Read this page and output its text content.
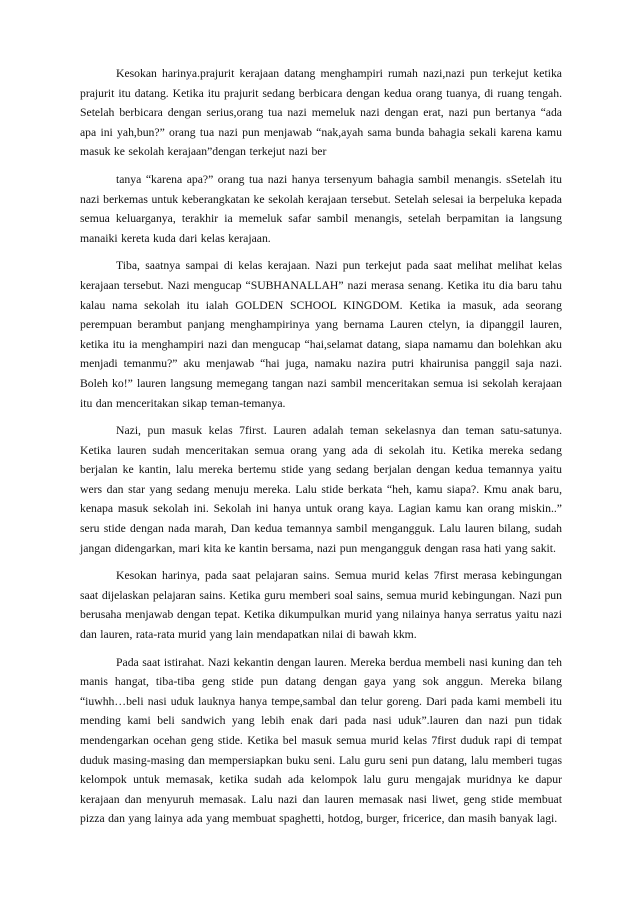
Kesokan harinya.prajurit kerajaan datang menghampiri rumah nazi,nazi pun terkejut ketika prajurit itu datang. Ketika itu prajurit sedang berbicara dengan kedua orang tuanya, di ruang tengah. Setelah berbicara dengan serius,orang tua nazi memeluk nazi dengan erat, nazi pun bertanya “ada apa ini yah,bun?” orang tua nazi pun menjawab “nak,ayah sama bunda bahagia sekali karena kamu masuk ke sekolah kerajaan”dengan terkejut nazi ber

tanya “karena apa?” orang tua nazi hanya tersenyum bahagia sambil menangis. sSetelah itu nazi berkemas untuk keberangkatan ke sekolah kerajaan tersebut. Setelah selesai ia berpeluka kepada semua keluarganya, terakhir ia memeluk safar sambil menangis, setelah berpamitan ia langsung manaiki kereta kuda dari kelas kerajaan.

Tiba, saatnya sampai di kelas kerajaan. Nazi pun terkejut pada saat melihat melihat kelas kerajaan tersebut. Nazi mengucap “SUBHANALLAH” nazi merasa senang. Ketika itu dia baru tahu kalau nama sekolah itu ialah GOLDEN SCHOOL KINGDOM. Ketika ia masuk, ada seorang perempuan berambut panjang menghampirinya yang bernama Lauren ctelyn, ia dipanggil lauren, ketika itu ia menghampiri nazi dan mengucap “hai,selamat datang, siapa namamu dan bolehkan aku menjadi temanmu?” aku menjawab “hai juga, namaku nazira putri khairunisa panggil saja nazi. Boleh ko!” lauren langsung memegang tangan nazi sambil menceritakan semua isi sekolah kerajaan itu dan menceritakan sikap teman-temanya.

Nazi, pun masuk kelas 7first. Lauren adalah teman sekelasnya dan teman satu-satunya. Ketika lauren sudah menceritakan semua orang yang ada di sekolah itu. Ketika mereka sedang berjalan ke kantin, lalu mereka bertemu stide yang sedang berjalan dengan kedua temannya yaitu wers dan star yang sedang menuju mereka. Lalu stide berkata “heh, kamu siapa?. Kmu anak baru, kenapa masuk sekolah ini. Sekolah ini hanya untuk orang kaya. Lagian kamu kan orang miskin..” seru stide dengan nada marah, Dan kedua temannya sambil mengangguk. Lalu lauren bilang, sudah jangan didengarkan, mari kita ke kantin bersama, nazi pun mengangguk dengan rasa hati yang sakit.

Kesokan harinya, pada saat pelajaran sains. Semua murid kelas 7first merasa kebingungan saat dijelaskan pelajaran sains. Ketika guru memberi soal sains, semua murid kebingungan. Nazi pun berusaha menjawab dengan tepat. Ketika dikumpulkan murid yang nilainya hanya serratus yaitu nazi dan lauren, rata-rata murid yang lain mendapatkan nilai di bawah kkm.

Pada saat istirahat. Nazi kekantin dengan lauren. Mereka berdua membeli nasi kuning dan teh manis hangat, tiba-tiba geng stide pun datang dengan gaya yang sok anggun. Mereka bilang “iuwhh…beli nasi uduk lauknya hanya tempe,sambal dan telur goreng. Dari pada kami membeli itu mending kami beli sandwich yang lebih enak dari pada nasi uduk”.lauren dan nazi pun tidak mendengarkan ocehan geng stide. Ketika bel masuk semua murid kelas 7first duduk rapi di tempat duduk masing-masing dan mempersiapkan buku seni. Lalu guru seni pun datang, lalu memberi tugas kelompok untuk memasak, ketika sudah ada kelompok lalu guru mengajak muridnya ke dapur kerajaan dan menyuruh memasak. Lalu nazi dan lauren memasak nasi liwet, geng stide membuat pizza dan yang lainya ada yang membuat spaghetti, hotdog, burger, fricerice, dan masih banyak lagi.
